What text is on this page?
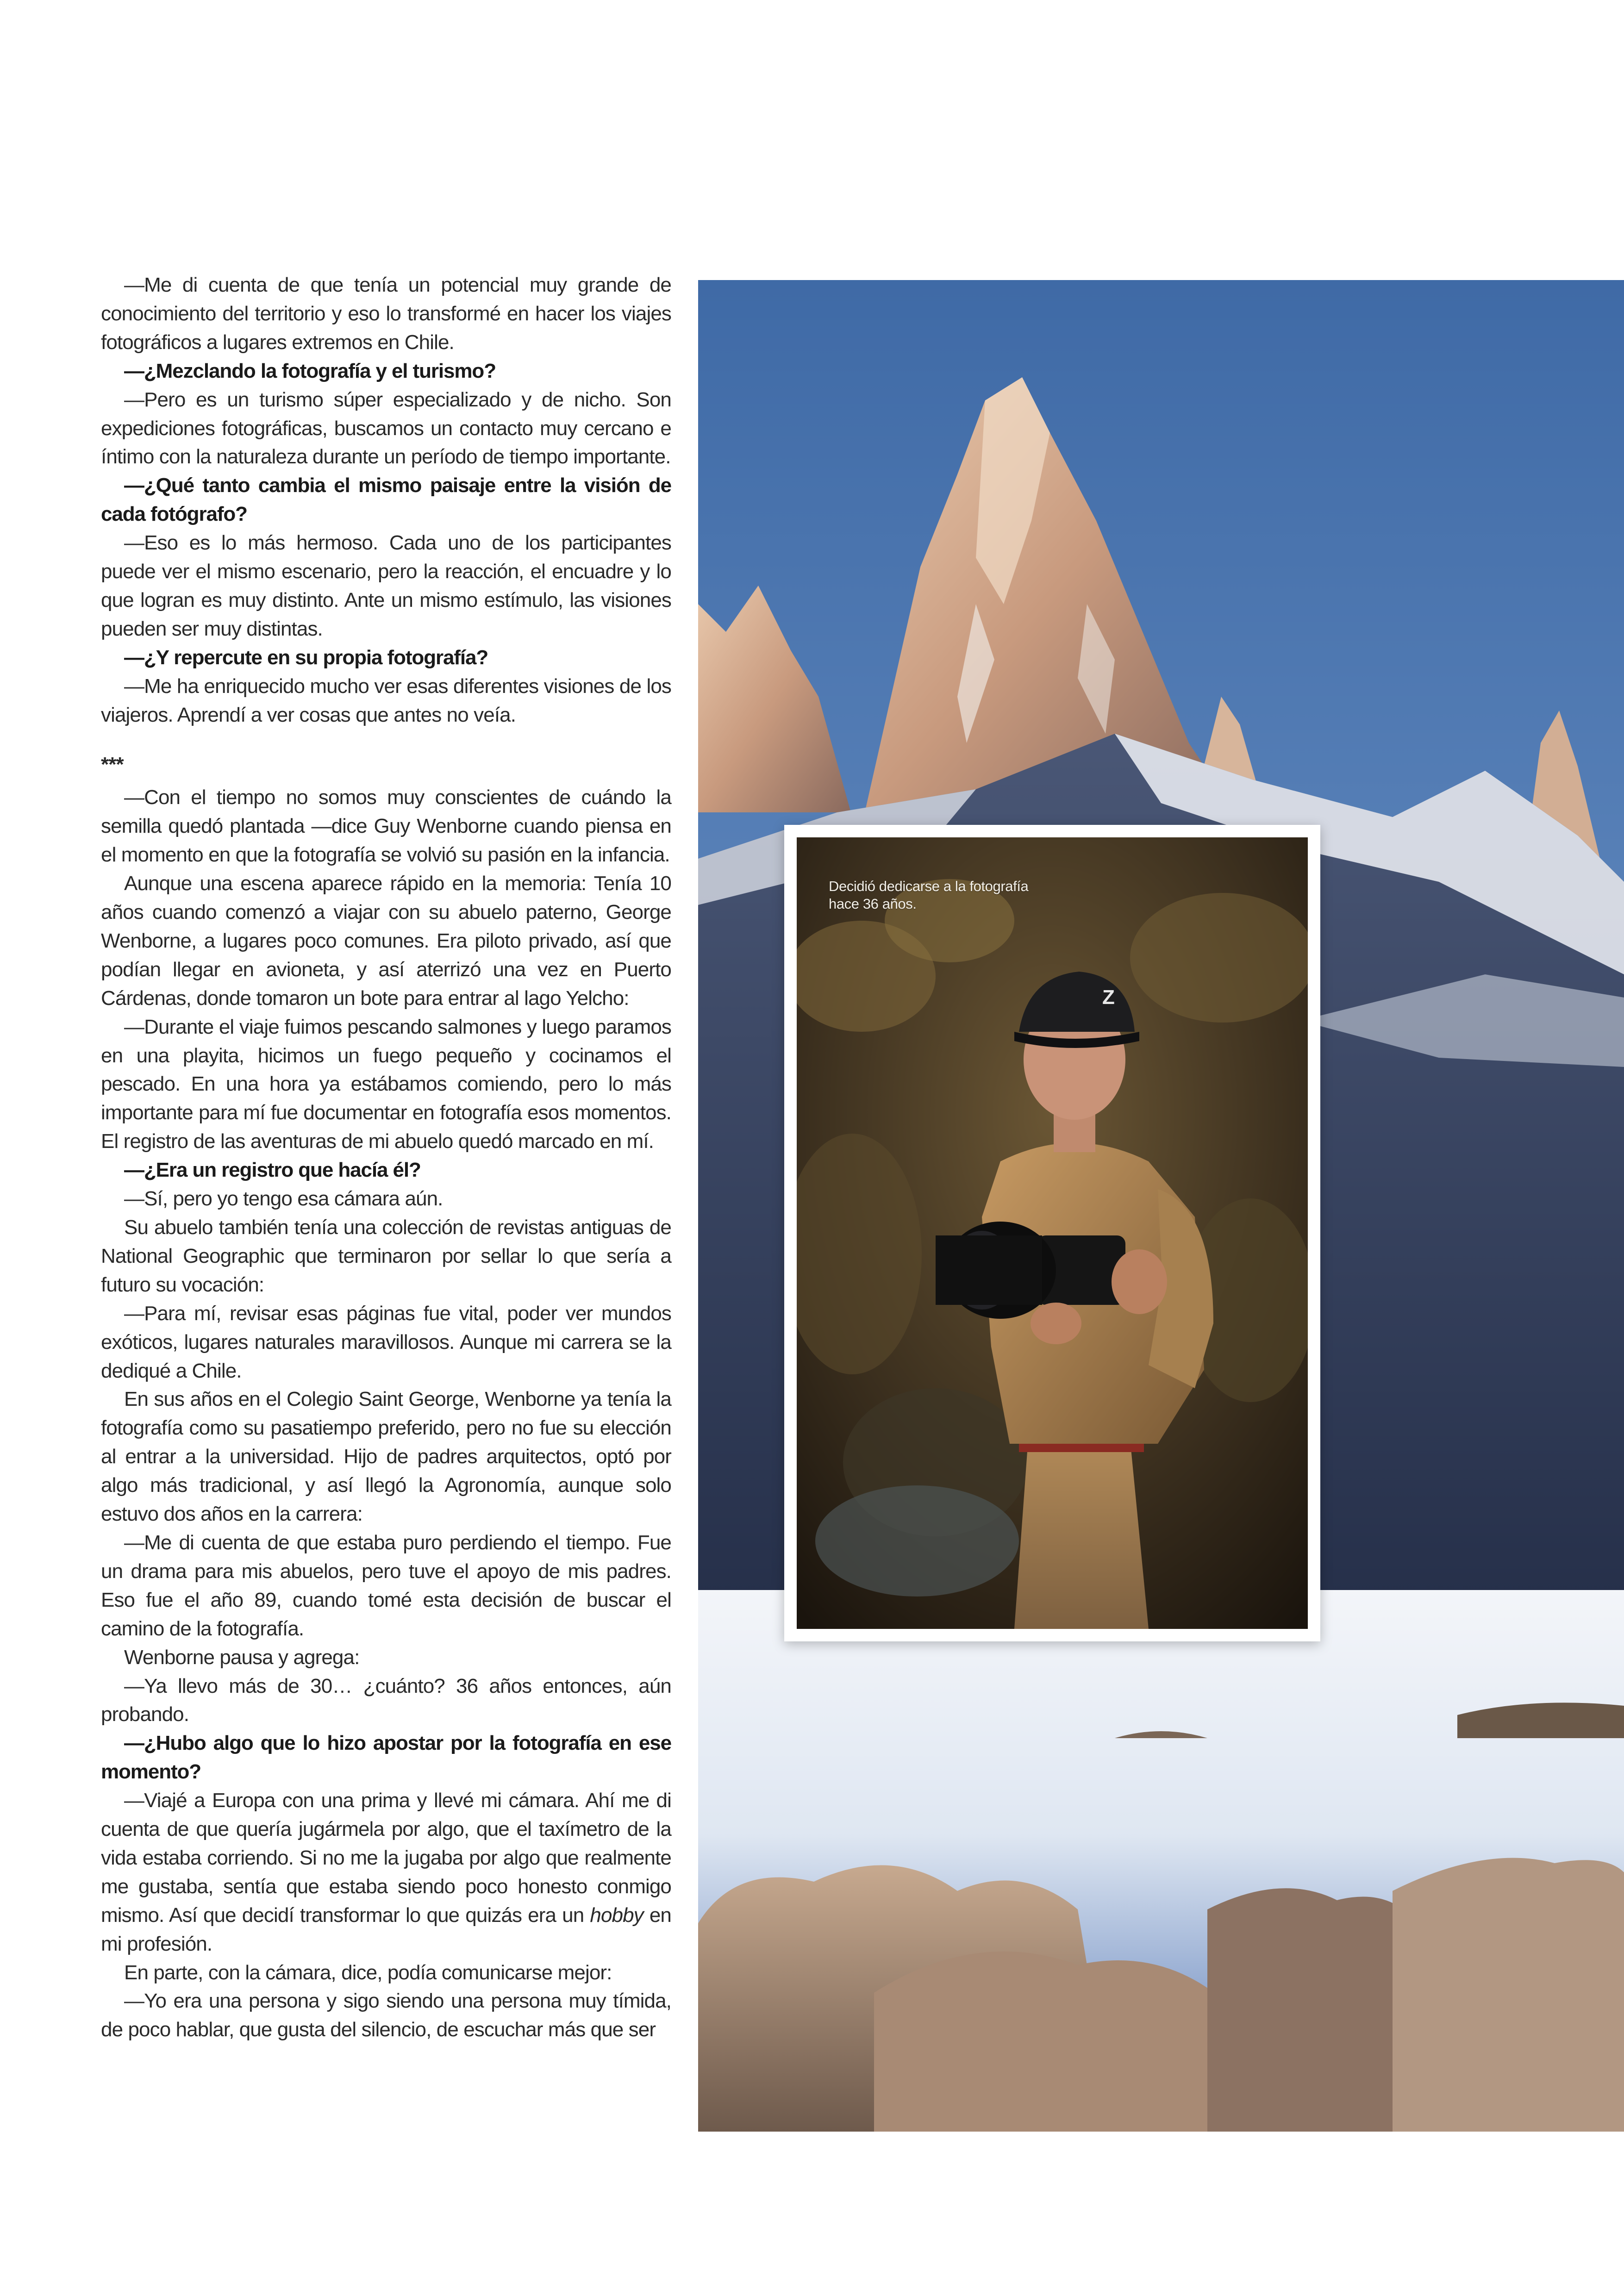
—Me di cuenta de que tenía un potencial muy grande de conocimiento del territorio y eso lo transformé en hacer los viajes fotográficos a lugares extremos en Chile.

—¿Mezclando la fotografía y el turismo?

—Pero es un turismo súper especializado y de nicho. Son expediciones fotográficas, buscamos un contacto muy cercano e íntimo con la naturaleza durante un período de tiempo importante.

—¿Qué tanto cambia el mismo paisaje entre la visión de cada fotógrafo?

—Eso es lo más hermoso. Cada uno de los participantes puede ver el mismo escenario, pero la reacción, el encuadre y lo que logran es muy distinto. Ante un mismo estímulo, las visiones pueden ser muy distintas.

—¿Y repercute en su propia fotografía?

—Me ha enriquecido mucho ver esas diferentes visiones de los viajeros. Aprendí a ver cosas que antes no veía.

***

—Con el tiempo no somos muy conscientes de cuándo la semilla quedó plantada —dice Guy Wenborne cuando piensa en el momento en que la fotografía se volvió su pasión en la infancia.

Aunque una escena aparece rápido en la memoria: Tenía 10 años cuando comenzó a viajar con su abuelo paterno, George Wenborne, a lugares poco comunes. Era piloto privado, así que podían llegar en avioneta, y así aterrizó una vez en Puerto Cárdenas, donde tomaron un bote para entrar al lago Yelcho:

—Durante el viaje fuimos pescando salmones y luego paramos en una playita, hicimos un fuego pequeño y cocinamos el pescado. En una hora ya estábamos comiendo, pero lo más importante para mí fue documentar en fotografía esos momentos. El registro de las aventuras de mi abuelo quedó marcado en mí.

—¿Era un registro que hacía él?

—Sí, pero yo tengo esa cámara aún.

Su abuelo también tenía una colección de revistas antiguas de National Geographic que terminaron por sellar lo que sería a futuro su vocación:

—Para mí, revisar esas páginas fue vital, poder ver mundos exóticos, lugares naturales maravillosos. Aunque mi carrera se la dediqué a Chile.

En sus años en el Colegio Saint George, Wenborne ya tenía la fotografía como su pasatiempo preferido, pero no fue su elección al entrar a la universidad. Hijo de padres arquitectos, optó por algo más tradicional, y así llegó la Agronomía, aunque solo estuvo dos años en la carrera:

—Me di cuenta de que estaba puro perdiendo el tiempo. Fue un drama para mis abuelos, pero tuve el apoyo de mis padres. Eso fue el año 89, cuando tomé esta decisión de buscar el camino de la fotografía.

Wenborne pausa y agrega:

—Ya llevo más de 30… ¿cuánto? 36 años entonces, aún probando.

—¿Hubo algo que lo hizo apostar por la fotografía en ese momento?

—Viajé a Europa con una prima y llevé mi cámara. Ahí me di cuenta de que quería jugármela por algo, que el taxímetro de la vida estaba corriendo. Si no me la jugaba por algo que realmente me gustaba, sentía que estaba siendo poco honesto conmigo mismo. Así que decidí transformar lo que quizás era un hobby en mi profesión.

En parte, con la cámara, dice, podía comunicarse mejor:

—Yo era una persona y sigo siendo una persona muy tímida, de poco hablar, que gusta del silencio, de escuchar más que ser

Z
Decidió dedicarse a la fotografía hace 36 años.
